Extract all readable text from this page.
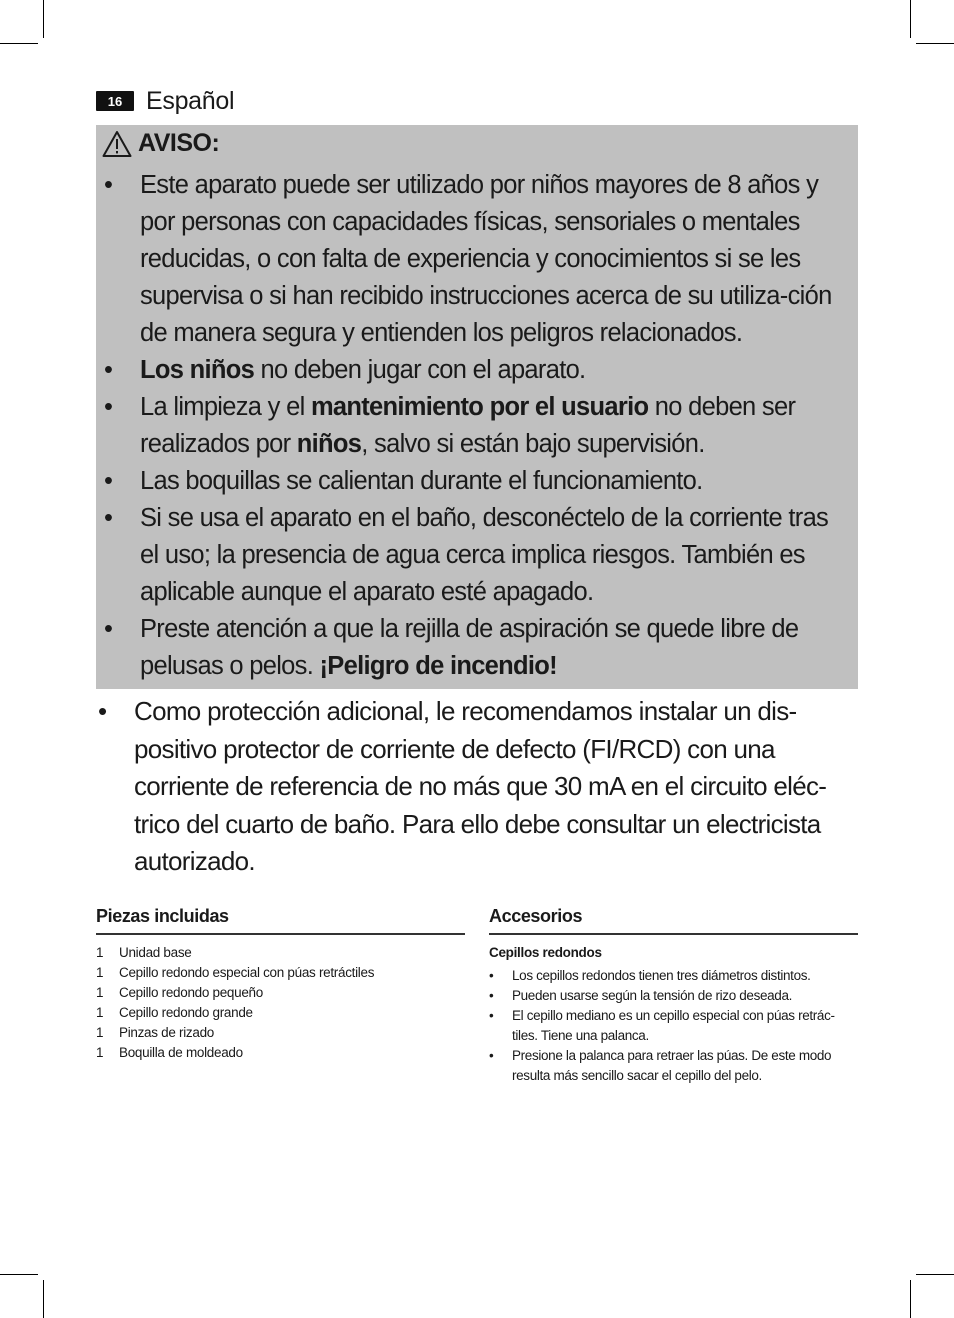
16 Español
AVISO:
• Este aparato puede ser utilizado por niños mayores de 8 años y por personas con capacidades físicas, sensoriales o mentales reducidas, o con falta de experiencia y conocimientos si se les supervisa o si han recibido instrucciones acerca de su utiliza-ción de manera segura y entienden los peligros relacionados.
• Los niños no deben jugar con el aparato.
• La limpieza y el mantenimiento por el usuario no deben ser realizados por niños, salvo si están bajo supervisión.
• Las boquillas se calientan durante el funcionamiento.
• Si se usa el aparato en el baño, desconéctelo de la corriente tras el uso; la presencia de agua cerca implica riesgos. También es aplicable aunque el aparato esté apagado.
• Preste atención a que la rejilla de aspiración se quede libre de pelusas o pelos. ¡Peligro de incendio!
• Como protección adicional, le recomendamos instalar un dis-positivo protector de corriente de defecto (FI/RCD) con una corriente de referencia de no más que 30 mA en el circuito eléc-trico del cuarto de baño. Para ello debe consultar un electricista autorizado.
Piezas incluidas
1	Unidad base
1	Cepillo redondo especial con púas retráctiles
1	Cepillo redondo pequeño
1	Cepillo redondo grande
1	Pinzas de rizado
1	Boquilla de moldeado
Accesorios
Cepillos redondos
• Los cepillos redondos tienen tres diámetros distintos.
• Pueden usarse según la tensión de rizo deseada.
• El cepillo mediano es un cepillo especial con púas retrác-tiles. Tiene una palanca.
• Presione la palanca para retraer las púas. De este modo resulta más sencillo sacar el cepillo del pelo.
